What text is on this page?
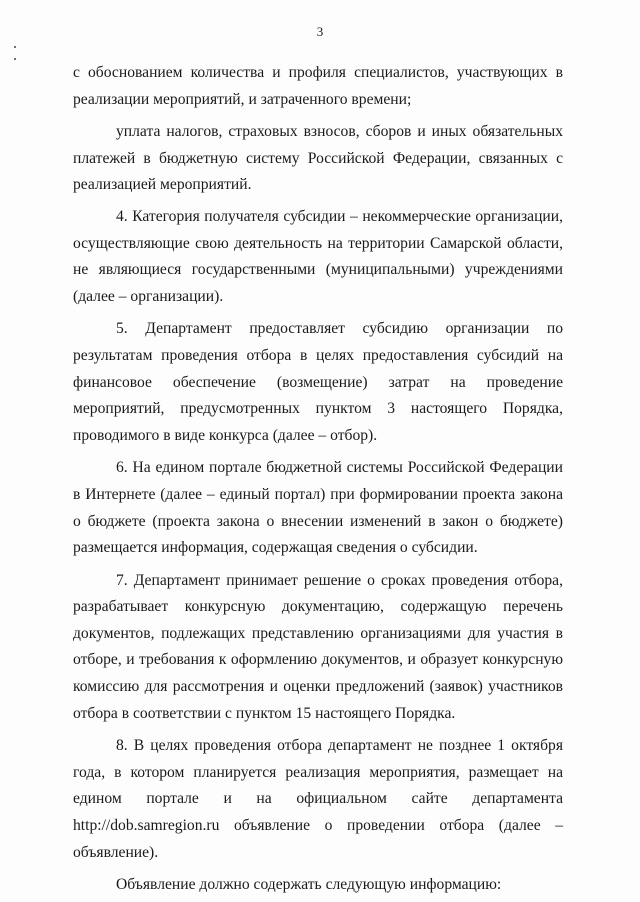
3

с обоснованием количества и профиля специалистов, участвующих в реализации мероприятий, и затраченного времени;

уплата налогов, страховых взносов, сборов и иных обязательных платежей в бюджетную систему Российской Федерации, связанных с реализацией мероприятий.

4. Категория получателя субсидии – некоммерческие организации, осуществляющие свою деятельность на территории Самарской области, не являющиеся государственными (муниципальными) учреждениями (далее – организации).

5. Департамент предоставляет субсидию организации по результатам проведения отбора в целях предоставления субсидий на финансовое обеспечение (возмещение) затрат на проведение мероприятий, предусмотренных пунктом 3 настоящего Порядка, проводимого в виде конкурса (далее – отбор).

6. На едином портале бюджетной системы Российской Федерации в Интернете (далее – единый портал) при формировании проекта закона о бюджете (проекта закона о внесении изменений в закон о бюджете) размещается информация, содержащая сведения о субсидии.

7. Департамент принимает решение о сроках проведения отбора, разрабатывает конкурсную документацию, содержащую перечень документов, подлежащих представлению организациями для участия в отборе, и требования к оформлению документов, и образует конкурсную комиссию для рассмотрения и оценки предложений (заявок) участников отбора в соответствии с пунктом 15 настоящего Порядка.

8. В целях проведения отбора департамент не позднее 1 октября года, в котором планируется реализация мероприятия, размещает на едином портале и на официальном сайте департамента http://dob.samregion.ru объявление о проведении отбора (далее – объявление).

Объявление должно содержать следующую информацию:
